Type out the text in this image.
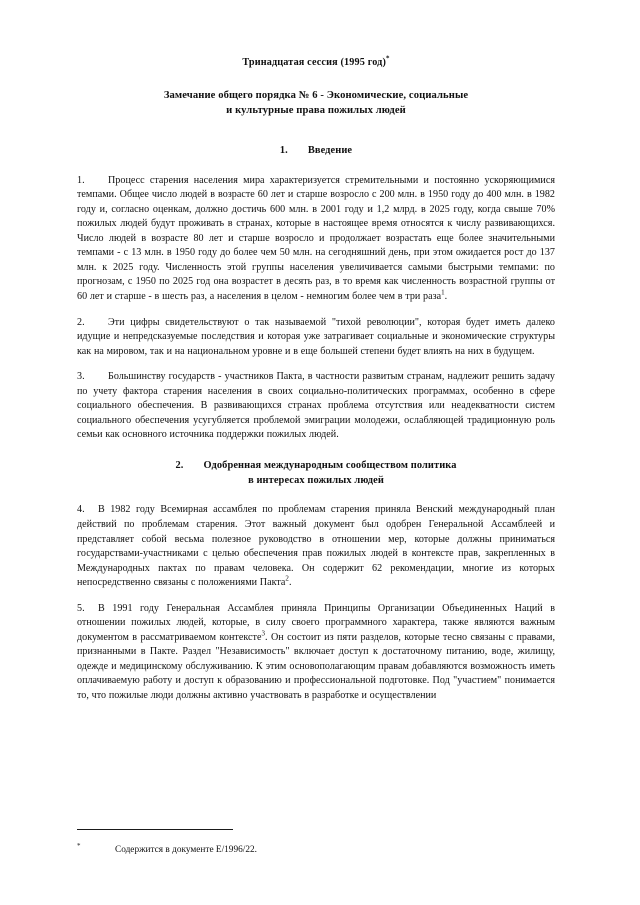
Тринадцатая сессия (1995 год)*
Замечание общего порядка № 6 - Экономические, социальные
и культурные права пожилых людей
1. Введение

1. Процесс старения населения мира характеризуется стремительными и постоянно ускоряющимися темпами. Общее число людей в возрасте 60 лет и старше возросло с 200 млн. в 1950 году до 400 млн. в 1982 году и, согласно оценкам, должно достичь 600 млн. в 2001 году и 1,2 млрд. в 2025 году, когда свыше 70% пожилых людей будут проживать в странах, которые в настоящее время относятся к числу развивающихся. Число людей в возрасте 80 лет и старше возросло и продолжает возрастать еще более значительными темпами - с 13 млн. в 1950 году до более чем 50 млн. на сегодняшний день, при этом ожидается рост до 137 млн. к 2025 году. Численность этой группы населения увеличивается самыми быстрыми темпами: по прогнозам, с 1950 по 2025 год она возрастет в десять раз, в то время как численность возрастной группы от 60 лет и старше - в шесть раз, а населения в целом - немногим более чем в три раза$^1$.

2. Эти цифры свидетельствуют о так называемой "тихой революции", которая будет иметь далеко идущие и непредсказуемые последствия и которая уже затрагивает социальные и экономические структуры как на мировом, так и на национальном уровне и в еще большей степени будет влиять на них в будущем.

3. Большинству государств - участников Пакта, в частности развитым странам, надлежит решить задачу по учету фактора старения населения в своих социально-политических программах, особенно в сфере социального обеспечения. В развивающихся странах проблема отсутствия или неадекватности систем социального обеспечения усугубляется проблемой эмиграции молодежи, ослабляющей традиционную роль семьи как основного источника поддержки пожилых людей.

2. Одобренная международным сообществом политика
в интересах пожилых людей

4. В 1982 году Всемирная ассамблея по проблемам старения приняла Венский международный план действий по проблемам старения. Этот важный документ был одобрен Генеральной Ассамблеей и представляет собой весьма полезное руководство в отношении мер, которые должны приниматься государствами-участниками с целью обеспечения прав пожилых людей в контексте прав, закрепленных в Международных пактах по правам человека. Он содержит 62 рекомендации, многие из которых непосредственно связаны с положениями Пакта$^2$.

5. В 1991 году Генеральная Ассамблея приняла Принципы Организации Объединенных Наций в отношении пожилых людей, которые, в силу своего программного характера, также являются важным документом в рассматриваемом контексте$^3$. Он состоит из пяти разделов, которые тесно связаны с правами, признанными в Пакте. Раздел "Независимость" включает доступ к достаточному питанию, воде, жилищу, одежде и медицинскому обслуживанию. К этим основополагающим правам добавляются возможность иметь оплачиваемую работу и доступ к образованию и профессиональной подготовке. Под "участием" понимается то, что пожилые люди должны активно участвовать в разработке и осуществлении

*	Содержится в документе E/1996/22.
